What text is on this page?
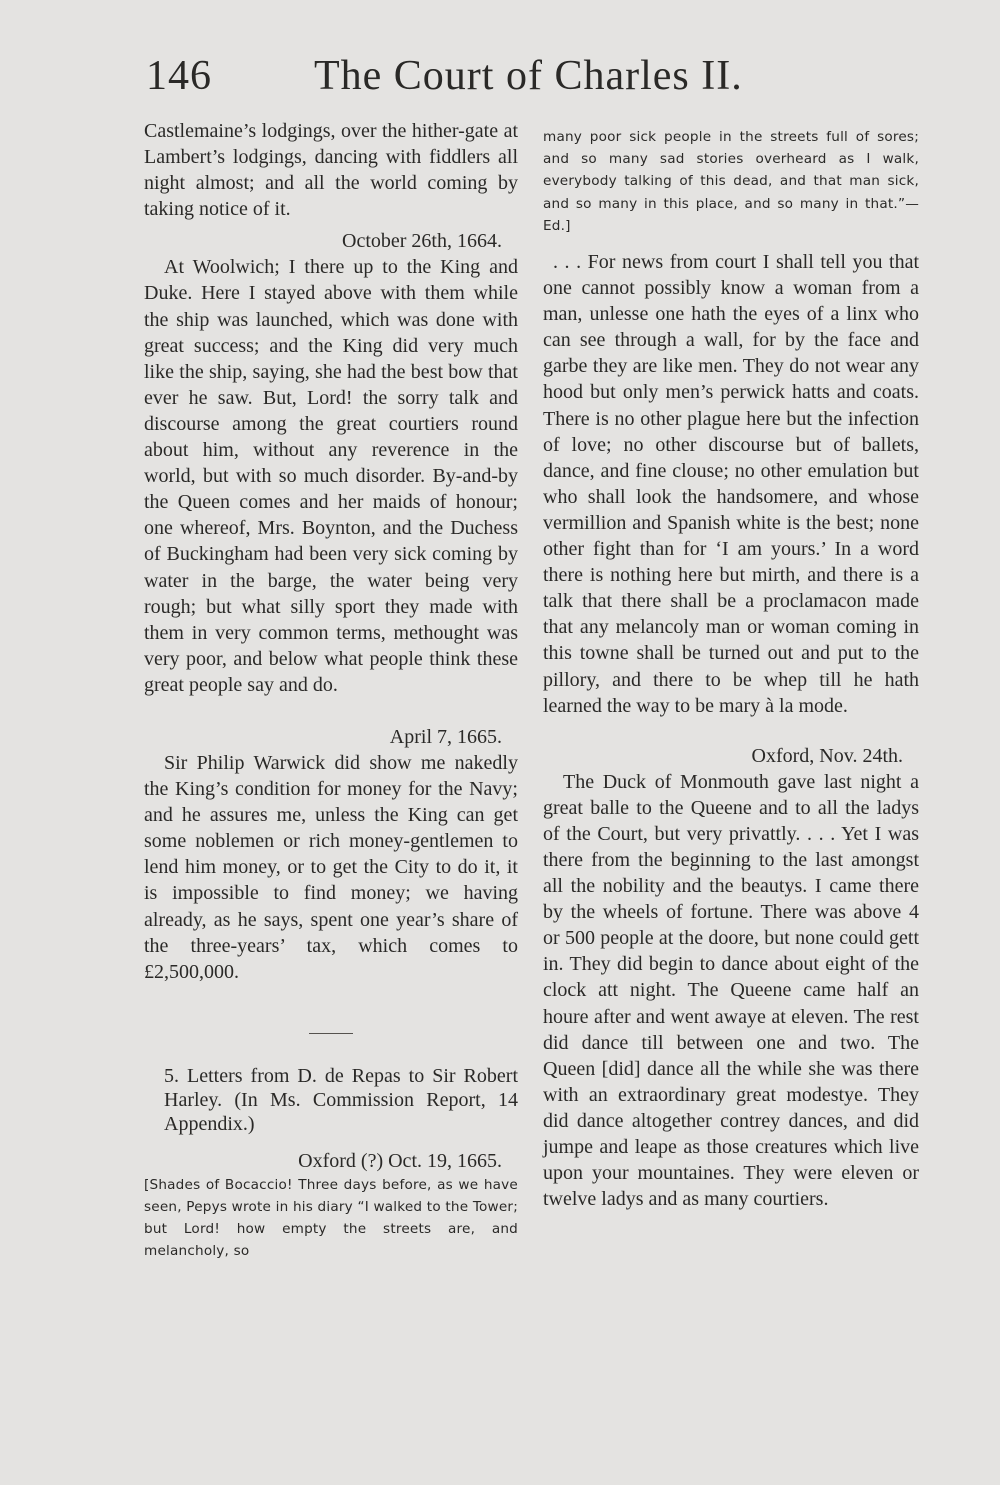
146 The Court of Charles II.

Castlemaine’s lodgings, over the hither-gate at Lambert’s lodgings, dancing with fiddlers all night almost; and all the world coming by taking notice of it.

October 26th, 1664.

At Woolwich; I there up to the King and Duke. Here I stayed above with them while the ship was launched, which was done with great success; and the King did very much like the ship, saying, she had the best bow that ever he saw. But, Lord! the sorry talk and discourse among the great courtiers round about him, without any reverence in the world, but with so much disorder. By-and-by the Queen comes and her maids of honour; one whereof, Mrs. Boynton, and the Duchess of Buckingham had been very sick coming by water in the barge, the water being very rough; but what silly sport they made with them in very common terms, methought was very poor, and below what people think these great people say and do.

April 7, 1665.

Sir Philip Warwick did show me nakedly the King’s condition for money for the Navy; and he assures me, unless the King can get some noblemen or rich money-gentlemen to lend him money, or to get the City to do it, it is impossible to find money; we having already, as he says, spent one year’s share of the three-years’ tax, which comes to £2,500,000.

5. Letters from D. de Repas to Sir Robert Harley. (In Ms. Commission Report, 14 Appendix.)

Oxford (?) Oct. 19, 1665.

[Shades of Bocaccio! Three days before, as we have seen, Pepys wrote in his diary “I walked to the Tower; but Lord! how empty the streets are, and melancholy, so

many poor sick people in the streets full of sores; and so many sad stories overheard as I walk, everybody talking of this dead, and that man sick, and so many in this place, and so many in that.”—Ed.]

. . . For news from court I shall tell you that one cannot possibly know a woman from a man, unlesse one hath the eyes of a linx who can see through a wall, for by the face and garbe they are like men. They do not wear any hood but only men’s perwick hatts and coats. There is no other plague here but the infection of love; no other discourse but of ballets, dance, and fine clouse; no other emulation but who shall look the handsomere, and whose vermillion and Spanish white is the best; none other fight than for ‘I am yours.’ In a word there is nothing here but mirth, and there is a talk that there shall be a proclamacon made that any melancoly man or woman coming in this towne shall be turned out and put to the pillory, and there to be whep till he hath learned the way to be mary à la mode.

Oxford, Nov. 24th.

The Duck of Monmouth gave last night a great balle to the Queene and to all the ladys of the Court, but very privattly. . . . Yet I was there from the beginning to the last amongst all the nobility and the beautys. I came there by the wheels of fortune. There was above 4 or 500 people at the doore, but none could gett in. They did begin to dance about eight of the clock att night. The Queene came half an houre after and went awaye at eleven. The rest did dance till between one and two. The Queen [did] dance all the while she was there with an extraordinary great modestye. They did dance altogether contrey dances, and did jumpe and leape as those creatures which live upon your mountaines. They were eleven or twelve ladys and as many courtiers.
